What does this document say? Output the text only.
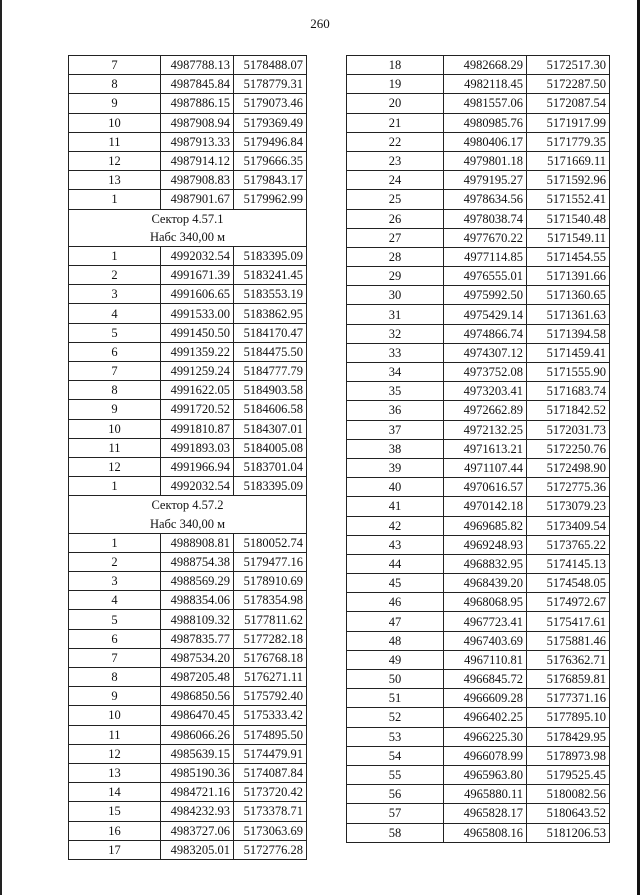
260
7	4987788.13	5178488.07
8	4987845.84	5178779.31
9	4987886.15	5179073.46
10	4987908.94	5179369.49
11	4987913.33	5179496.84
12	4987914.12	5179666.35
13	4987908.83	5179843.17
1	4987901.67	5179962.99
Сектор 4.57.1		
Набс 340,00 м		
1	4992032.54	5183395.09
2	4991671.39	5183241.45
3	4991606.65	5183553.19
4	4991533.00	5183862.95
5	4991450.50	5184170.47
6	4991359.22	5184475.50
7	4991259.24	5184777.79
8	4991622.05	5184903.58
9	4991720.52	5184606.58
10	4991810.87	5184307.01
11	4991893.03	5184005.08
12	4991966.94	5183701.04
1	4992032.54	5183395.09
Сектор 4.57.2		
Набс 340,00 м		
1	4988908.81	5180052.74
2	4988754.38	5179477.16
3	4988569.29	5178910.69
4	4988354.06	5178354.98
5	4988109.32	5177811.62
6	4987835.77	5177282.18
7	4987534.20	5176768.18
8	4987205.48	5176271.11
9	4986850.56	5175792.40
10	4986470.45	5175333.42
11	4986066.26	5174895.50
12	4985639.15	5174479.91
13	4985190.36	5174087.84
14	4984721.16	5173720.42
15	4984232.93	5173378.71
16	4983727.06	5173063.69
17	4983205.01	5172776.28
18	4982668.29	5172517.30
19	4982118.45	5172287.50
20	4981557.06	5172087.54
21	4980985.76	5171917.99
22	4980406.17	5171779.35
23	4979801.18	5171669.11
24	4979195.27	5171592.96
25	4978634.56	5171552.41
26	4978038.74	5171540.48
27	4977670.22	5171549.11
28	4977114.85	5171454.55
29	4976555.01	5171391.66
30	4975992.50	5171360.65
31	4975429.14	5171361.63
32	4974866.74	5171394.58
33	4974307.12	5171459.41
34	4973752.08	5171555.90
35	4973203.41	5171683.74
36	4972662.89	5171842.52
37	4972132.25	5172031.73
38	4971613.21	5172250.76
39	4971107.44	5172498.90
40	4970616.57	5172775.36
41	4970142.18	5173079.23
42	4969685.82	5173409.54
43	4969248.93	5173765.22
44	4968832.95	5174145.13
45	4968439.20	5174548.05
46	4968068.95	5174972.67
47	4967723.41	5175417.61
48	4967403.69	5175881.46
49	4967110.81	5176362.71
50	4966845.72	5176859.81
51	4966609.28	5177371.16
52	4966402.25	5177895.10
53	4966225.30	5178429.95
54	4966078.99	5178973.98
55	4965963.80	5179525.45
56	4965880.11	5180082.56
57	4965828.17	5180643.52
58	4965808.16	5181206.53
